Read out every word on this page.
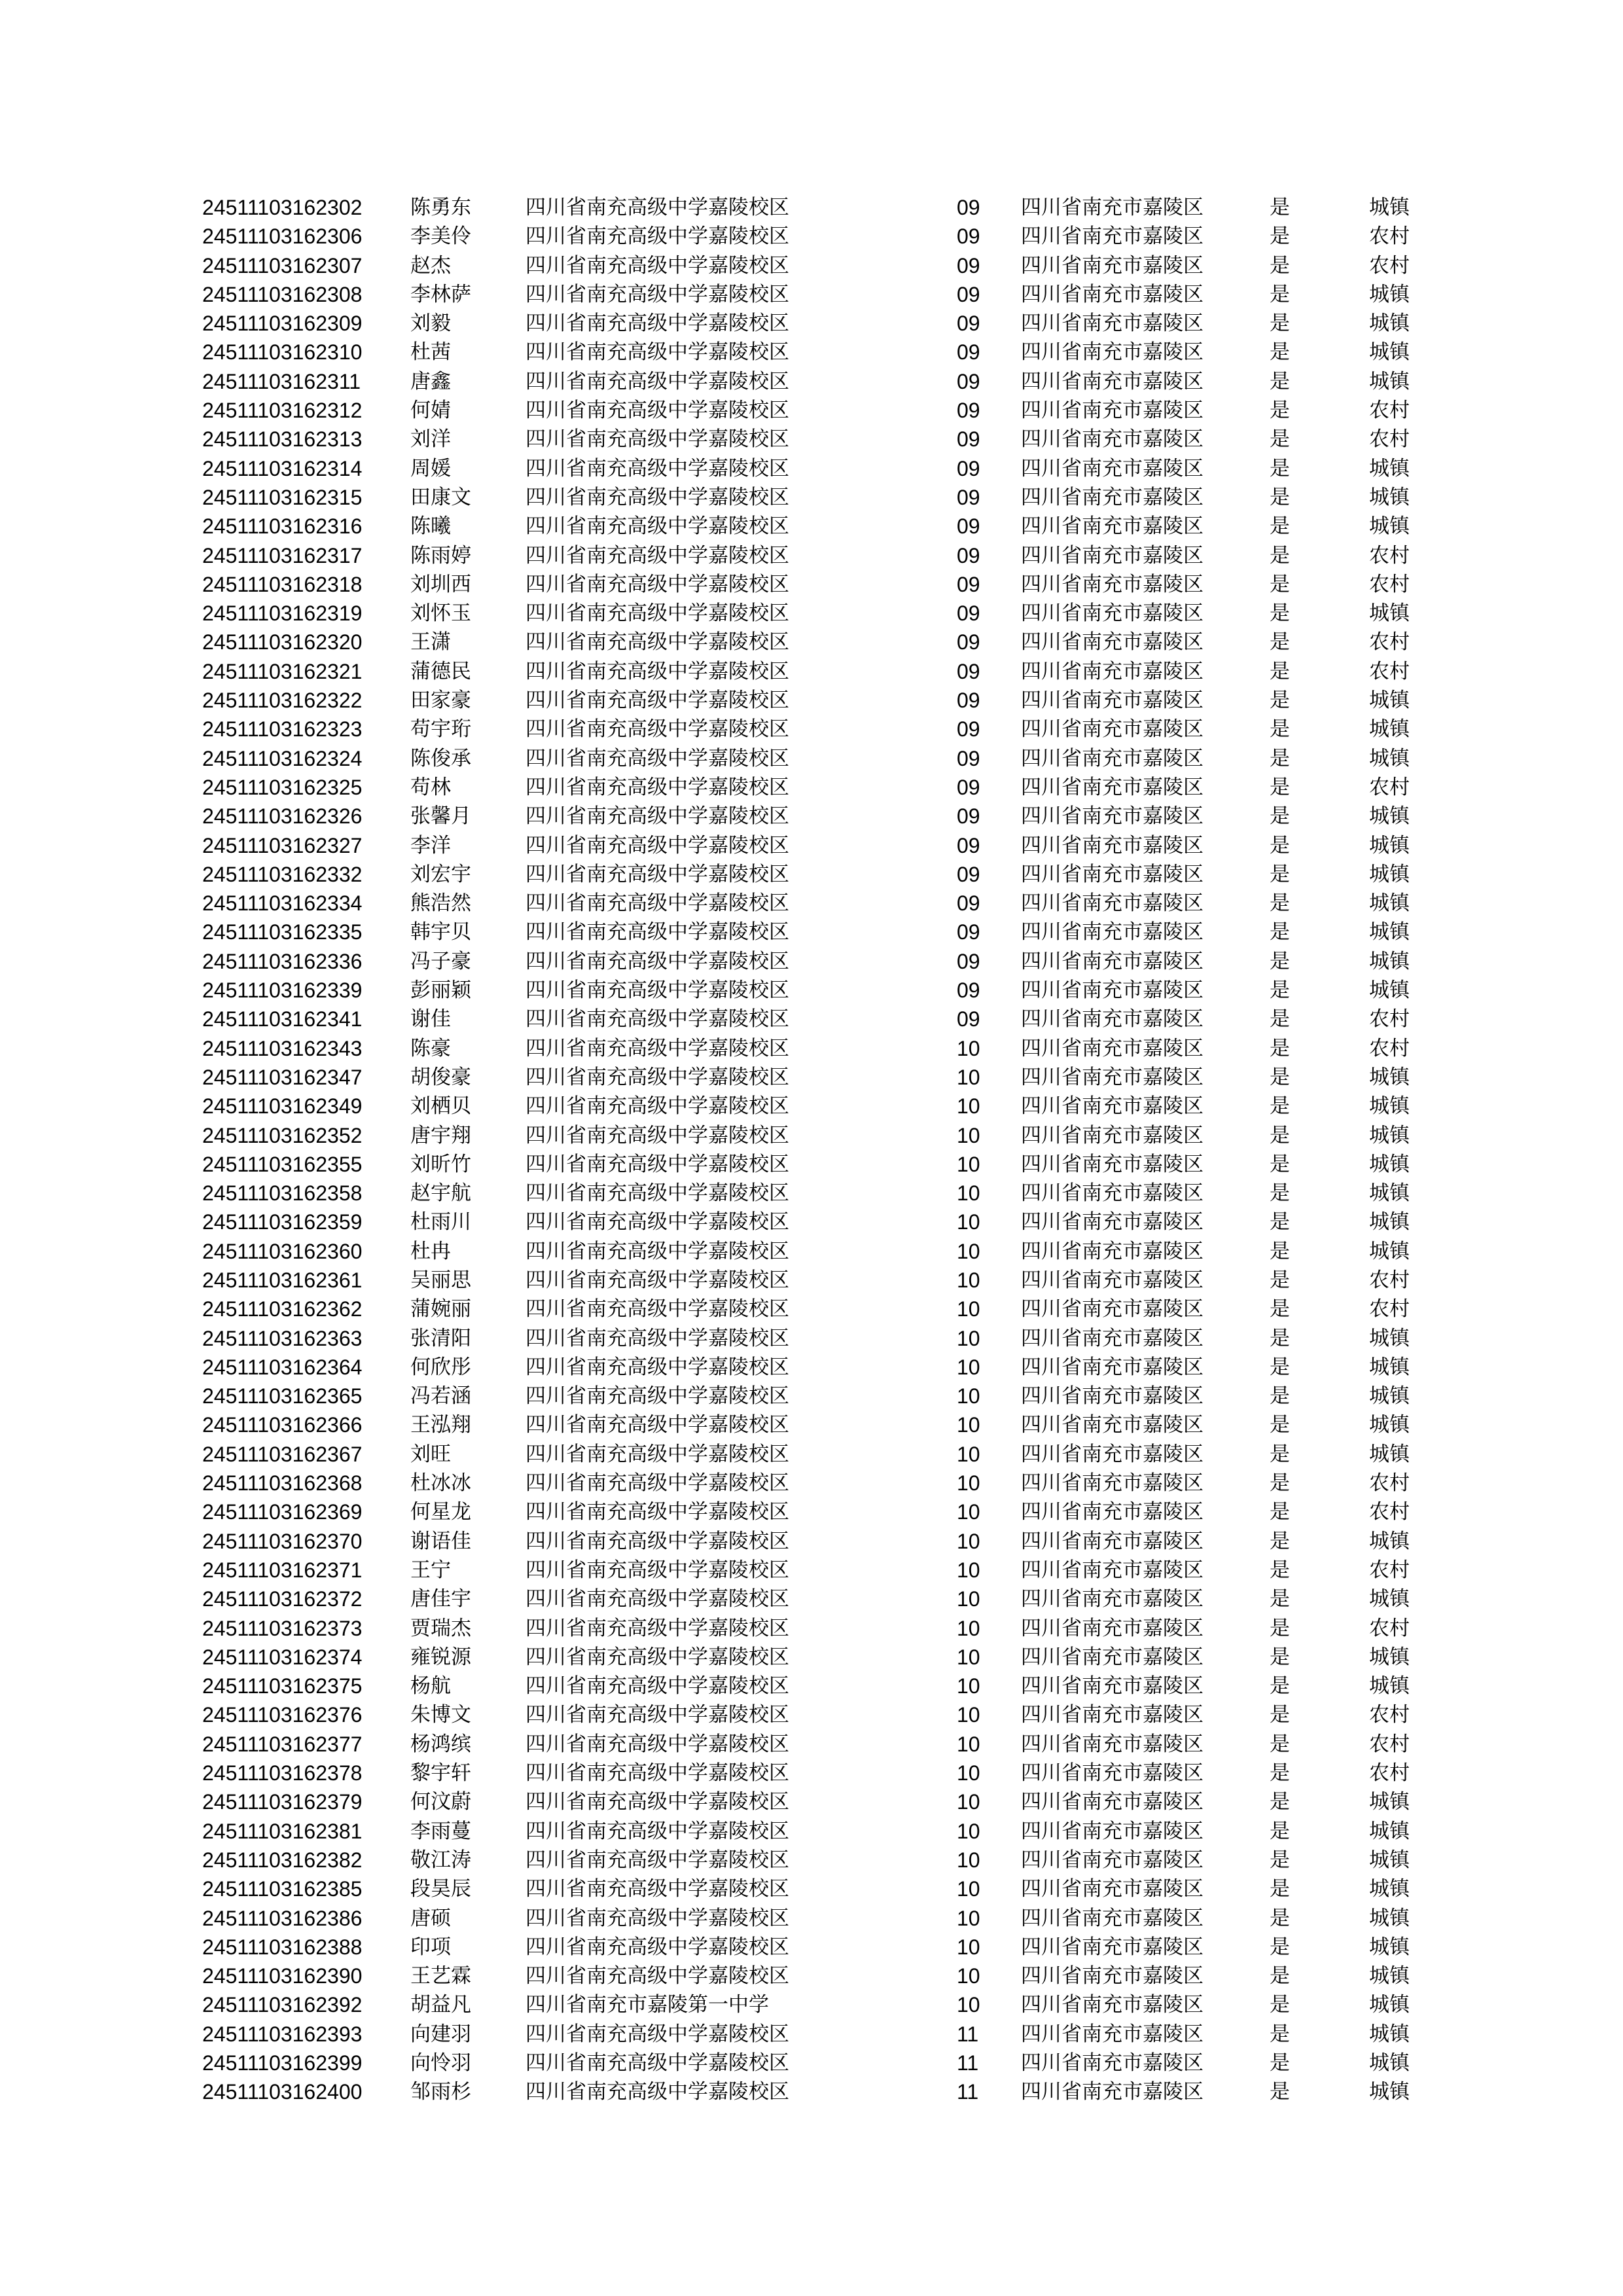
24511103162302 陈勇东	四川省南充高级中学嘉陵校区	09 四川省南充市嘉陵区	是	城镇
24511103162306 李美伶	四川省南充高级中学嘉陵校区	09 四川省南充市嘉陵区	是	农村
24511103162307 赵杰	四川省南充高级中学嘉陵校区	09 四川省南充市嘉陵区	是	农村
24511103162308 李林萨	四川省南充高级中学嘉陵校区	09 四川省南充市嘉陵区	是	城镇
24511103162309 刘毅	四川省南充高级中学嘉陵校区	09 四川省南充市嘉陵区	是	城镇
24511103162310 杜茜	四川省南充高级中学嘉陵校区	09 四川省南充市嘉陵区	是	城镇
24511103162311 唐鑫	四川省南充高级中学嘉陵校区	09 四川省南充市嘉陵区	是	城镇
24511103162312 何婧	四川省南充高级中学嘉陵校区	09 四川省南充市嘉陵区	是	农村
24511103162313 刘洋	四川省南充高级中学嘉陵校区	09 四川省南充市嘉陵区	是	农村
24511103162314 周媛	四川省南充高级中学嘉陵校区	09 四川省南充市嘉陵区	是	城镇
24511103162315 田康文	四川省南充高级中学嘉陵校区	09 四川省南充市嘉陵区	是	城镇
24511103162316 陈曦	四川省南充高级中学嘉陵校区	09 四川省南充市嘉陵区	是	城镇
24511103162317 陈雨婷	四川省南充高级中学嘉陵校区	09 四川省南充市嘉陵区	是	农村
24511103162318 刘圳西	四川省南充高级中学嘉陵校区	09 四川省南充市嘉陵区	是	农村
24511103162319 刘怀玉	四川省南充高级中学嘉陵校区	09 四川省南充市嘉陵区	是	城镇
24511103162320 王潇	四川省南充高级中学嘉陵校区	09 四川省南充市嘉陵区	是	农村
24511103162321 蒲德民	四川省南充高级中学嘉陵校区	09 四川省南充市嘉陵区	是	农村
24511103162322 田家豪	四川省南充高级中学嘉陵校区	09 四川省南充市嘉陵区	是	城镇
24511103162323 苟宇珩	四川省南充高级中学嘉陵校区	09 四川省南充市嘉陵区	是	城镇
24511103162324 陈俊承	四川省南充高级中学嘉陵校区	09 四川省南充市嘉陵区	是	城镇
24511103162325 苟林	四川省南充高级中学嘉陵校区	09 四川省南充市嘉陵区	是	农村
24511103162326 张馨月	四川省南充高级中学嘉陵校区	09 四川省南充市嘉陵区	是	城镇
24511103162327 李洋	四川省南充高级中学嘉陵校区	09 四川省南充市嘉陵区	是	城镇
24511103162332 刘宏宇	四川省南充高级中学嘉陵校区	09 四川省南充市嘉陵区	是	城镇
24511103162334 熊浩然	四川省南充高级中学嘉陵校区	09 四川省南充市嘉陵区	是	城镇
24511103162335 韩宇贝	四川省南充高级中学嘉陵校区	09 四川省南充市嘉陵区	是	城镇
24511103162336 冯子豪	四川省南充高级中学嘉陵校区	09 四川省南充市嘉陵区	是	城镇
24511103162339 彭丽颖	四川省南充高级中学嘉陵校区	09 四川省南充市嘉陵区	是	城镇
24511103162341 谢佳	四川省南充高级中学嘉陵校区	09 四川省南充市嘉陵区	是	农村
24511103162343 陈豪	四川省南充高级中学嘉陵校区	10 四川省南充市嘉陵区	是	农村
24511103162347 胡俊豪	四川省南充高级中学嘉陵校区	10 四川省南充市嘉陵区	是	城镇
24511103162349 刘栖贝	四川省南充高级中学嘉陵校区	10 四川省南充市嘉陵区	是	城镇
24511103162352 唐宇翔	四川省南充高级中学嘉陵校区	10 四川省南充市嘉陵区	是	城镇
24511103162355 刘昕竹	四川省南充高级中学嘉陵校区	10 四川省南充市嘉陵区	是	城镇
24511103162358 赵宇航	四川省南充高级中学嘉陵校区	10 四川省南充市嘉陵区	是	城镇
24511103162359 杜雨川	四川省南充高级中学嘉陵校区	10 四川省南充市嘉陵区	是	城镇
24511103162360 杜冉	四川省南充高级中学嘉陵校区	10 四川省南充市嘉陵区	是	城镇
24511103162361 吴丽思	四川省南充高级中学嘉陵校区	10 四川省南充市嘉陵区	是	农村
24511103162362 蒲婉丽	四川省南充高级中学嘉陵校区	10 四川省南充市嘉陵区	是	农村
24511103162363 张清阳	四川省南充高级中学嘉陵校区	10 四川省南充市嘉陵区	是	城镇
24511103162364 何欣彤	四川省南充高级中学嘉陵校区	10 四川省南充市嘉陵区	是	城镇
24511103162365 冯若涵	四川省南充高级中学嘉陵校区	10 四川省南充市嘉陵区	是	城镇
24511103162366 王泓翔	四川省南充高级中学嘉陵校区	10 四川省南充市嘉陵区	是	城镇
24511103162367 刘旺	四川省南充高级中学嘉陵校区	10 四川省南充市嘉陵区	是	城镇
24511103162368 杜冰冰	四川省南充高级中学嘉陵校区	10 四川省南充市嘉陵区	是	农村
24511103162369 何星龙	四川省南充高级中学嘉陵校区	10 四川省南充市嘉陵区	是	农村
24511103162370 谢语佳	四川省南充高级中学嘉陵校区	10 四川省南充市嘉陵区	是	城镇
24511103162371 王宁	四川省南充高级中学嘉陵校区	10 四川省南充市嘉陵区	是	农村
24511103162372 唐佳宇	四川省南充高级中学嘉陵校区	10 四川省南充市嘉陵区	是	城镇
24511103162373 贾瑞杰	四川省南充高级中学嘉陵校区	10 四川省南充市嘉陵区	是	农村
24511103162374 雍锐源	四川省南充高级中学嘉陵校区	10 四川省南充市嘉陵区	是	城镇
24511103162375 杨航	四川省南充高级中学嘉陵校区	10 四川省南充市嘉陵区	是	城镇
24511103162376 朱博文	四川省南充高级中学嘉陵校区	10 四川省南充市嘉陵区	是	农村
24511103162377 杨鸿缤	四川省南充高级中学嘉陵校区	10 四川省南充市嘉陵区	是	农村
24511103162378 黎宇轩	四川省南充高级中学嘉陵校区	10 四川省南充市嘉陵区	是	农村
24511103162379 何汶蔚	四川省南充高级中学嘉陵校区	10 四川省南充市嘉陵区	是	城镇
24511103162381 李雨蔓	四川省南充高级中学嘉陵校区	10 四川省南充市嘉陵区	是	城镇
24511103162382 敬江涛	四川省南充高级中学嘉陵校区	10 四川省南充市嘉陵区	是	城镇
24511103162385 段昊辰	四川省南充高级中学嘉陵校区	10 四川省南充市嘉陵区	是	城镇
24511103162386 唐硕	四川省南充高级中学嘉陵校区	10 四川省南充市嘉陵区	是	城镇
24511103162388 印项	四川省南充高级中学嘉陵校区	10 四川省南充市嘉陵区	是	城镇
24511103162390 王艺霖	四川省南充高级中学嘉陵校区	10 四川省南充市嘉陵区	是	城镇
24511103162392 胡益凡	四川省南充市嘉陵第一中学	10 四川省南充市嘉陵区	是	城镇
24511103162393 向建羽	四川省南充高级中学嘉陵校区	11 四川省南充市嘉陵区	是	城镇
24511103162399 向怜羽	四川省南充高级中学嘉陵校区	11 四川省南充市嘉陵区	是	城镇
24511103162400 邹雨杉	四川省南充高级中学嘉陵校区	11 四川省南充市嘉陵区	是	城镇
